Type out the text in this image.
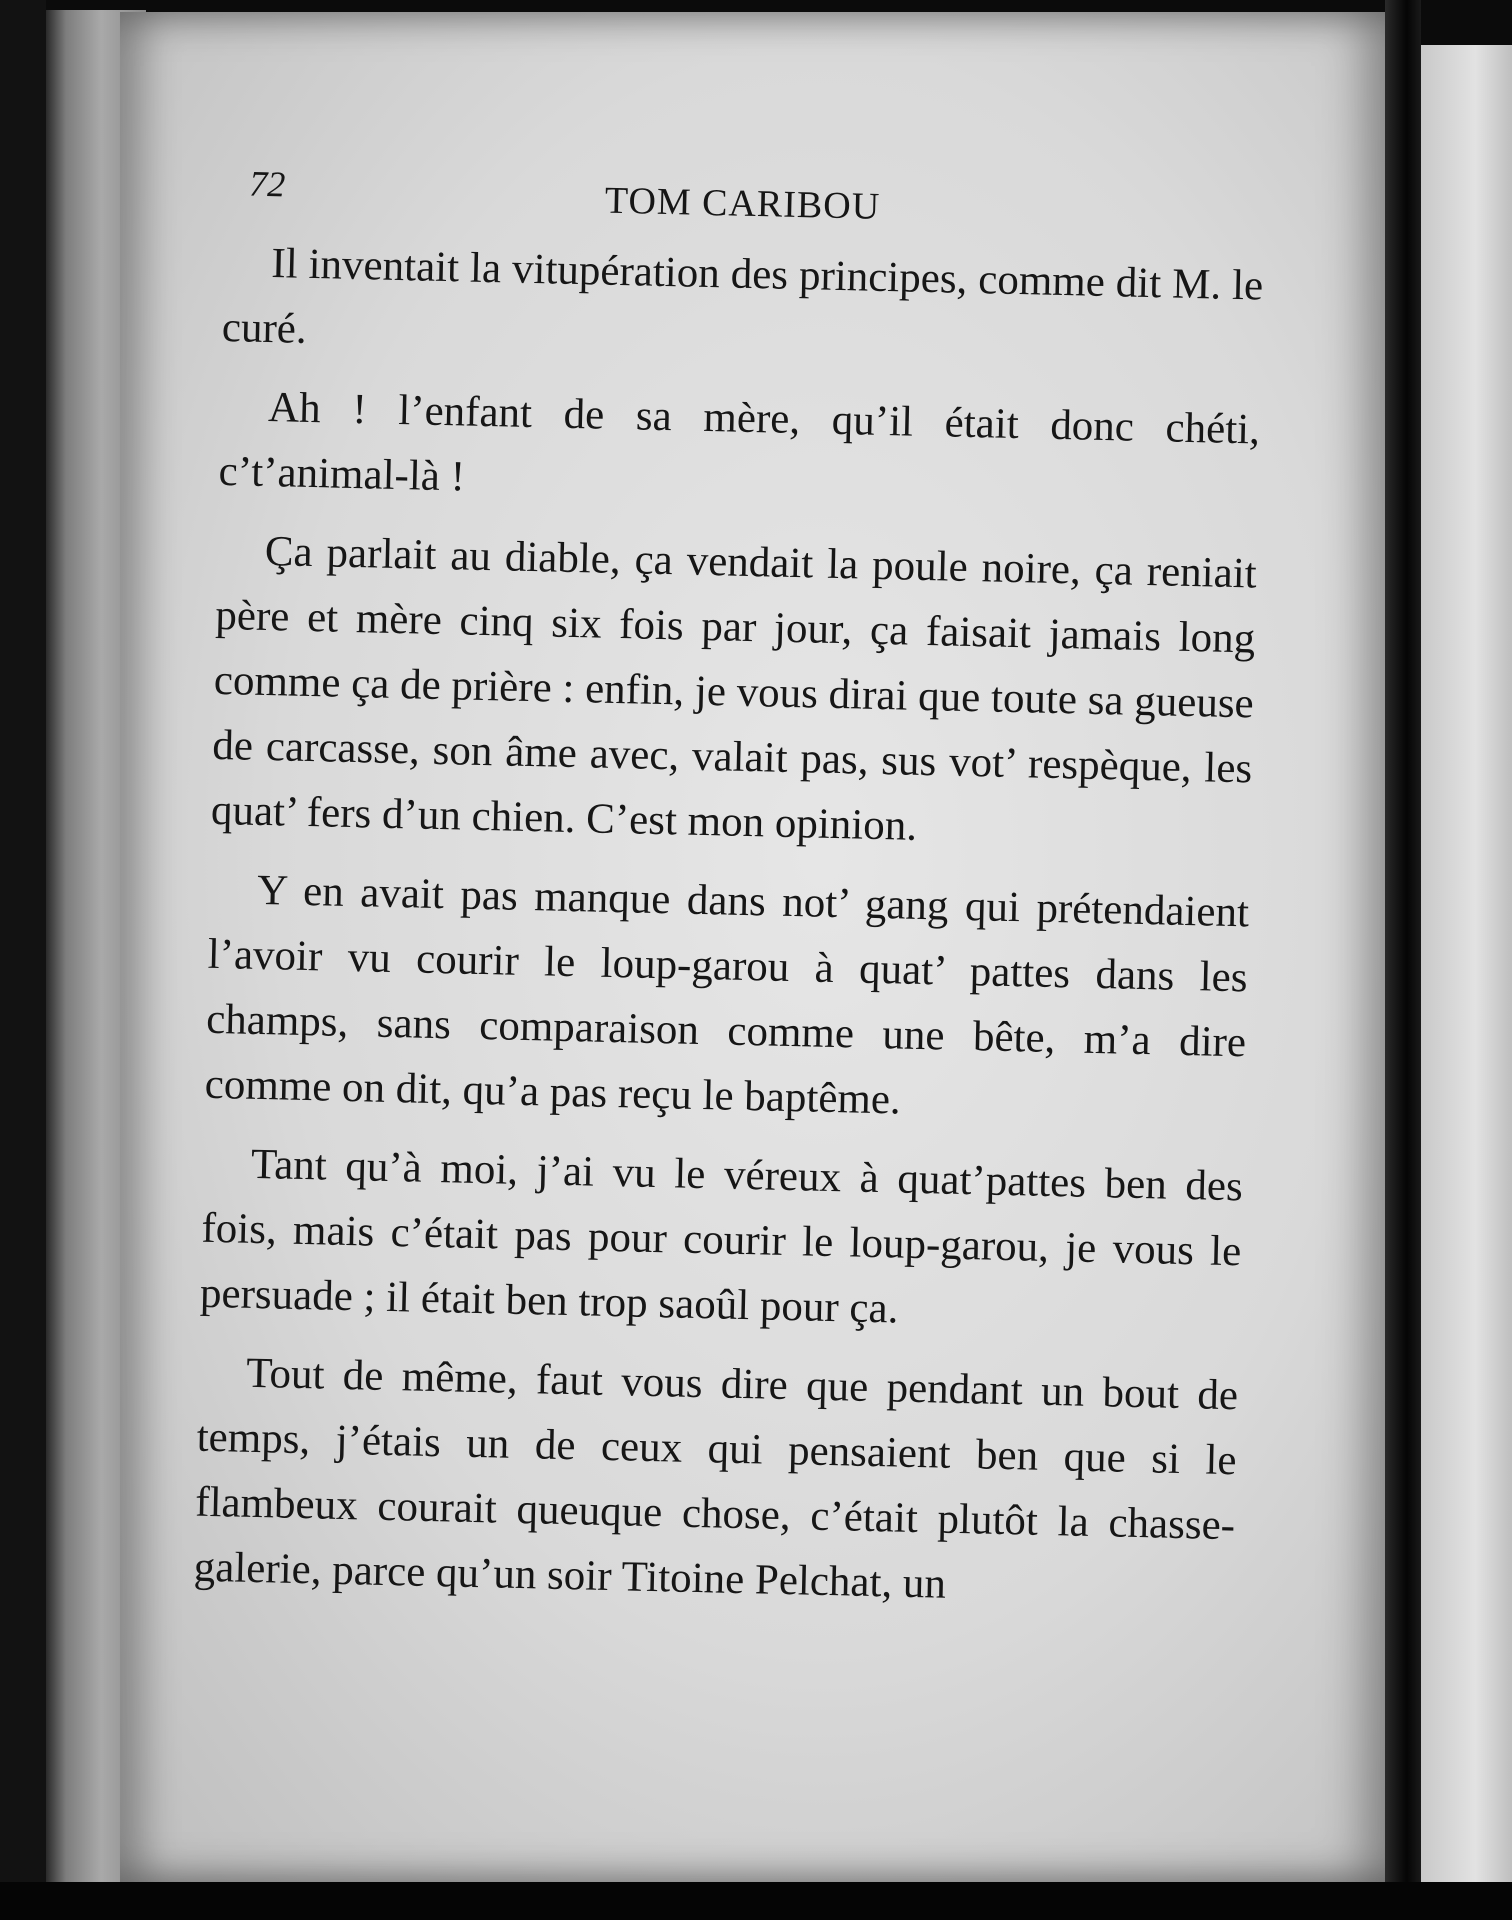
72	TOM CARIBOU

Il inventait la vitupération des principes, comme dit M. le curé.

Ah ! l’enfant de sa mère, qu’il était donc chéti, c’t’animal-là !

Ça parlait au diable, ça vendait la poule noire, ça reniait père et mère cinq six fois par jour, ça faisait jamais long comme ça de prière : enfin, je vous dirai que toute sa gueuse de carcasse, son âme avec, valait pas, sus vot’ respèque, les quat’ fers d’un chien. C’est mon opinion.

Y en avait pas manque dans not’ gang qui prétendaient l’avoir vu courir le loup-garou à quat’ pattes dans les champs, sans comparaison comme une bête, m’a dire comme on dit, qu’a pas reçu le baptême.

Tant qu’à moi, j’ai vu le véreux à quat’pattes ben des fois, mais c’était pas pour courir le loup-garou, je vous le persuade ; il était ben trop saoûl pour ça.

Tout de même, faut vous dire que pendant un bout de temps, j’étais un de ceux qui pensaient ben que si le flambeux courait queuque chose, c’était plutôt la chasse-galerie, parce qu’un soir Titoine Pelchat, un
